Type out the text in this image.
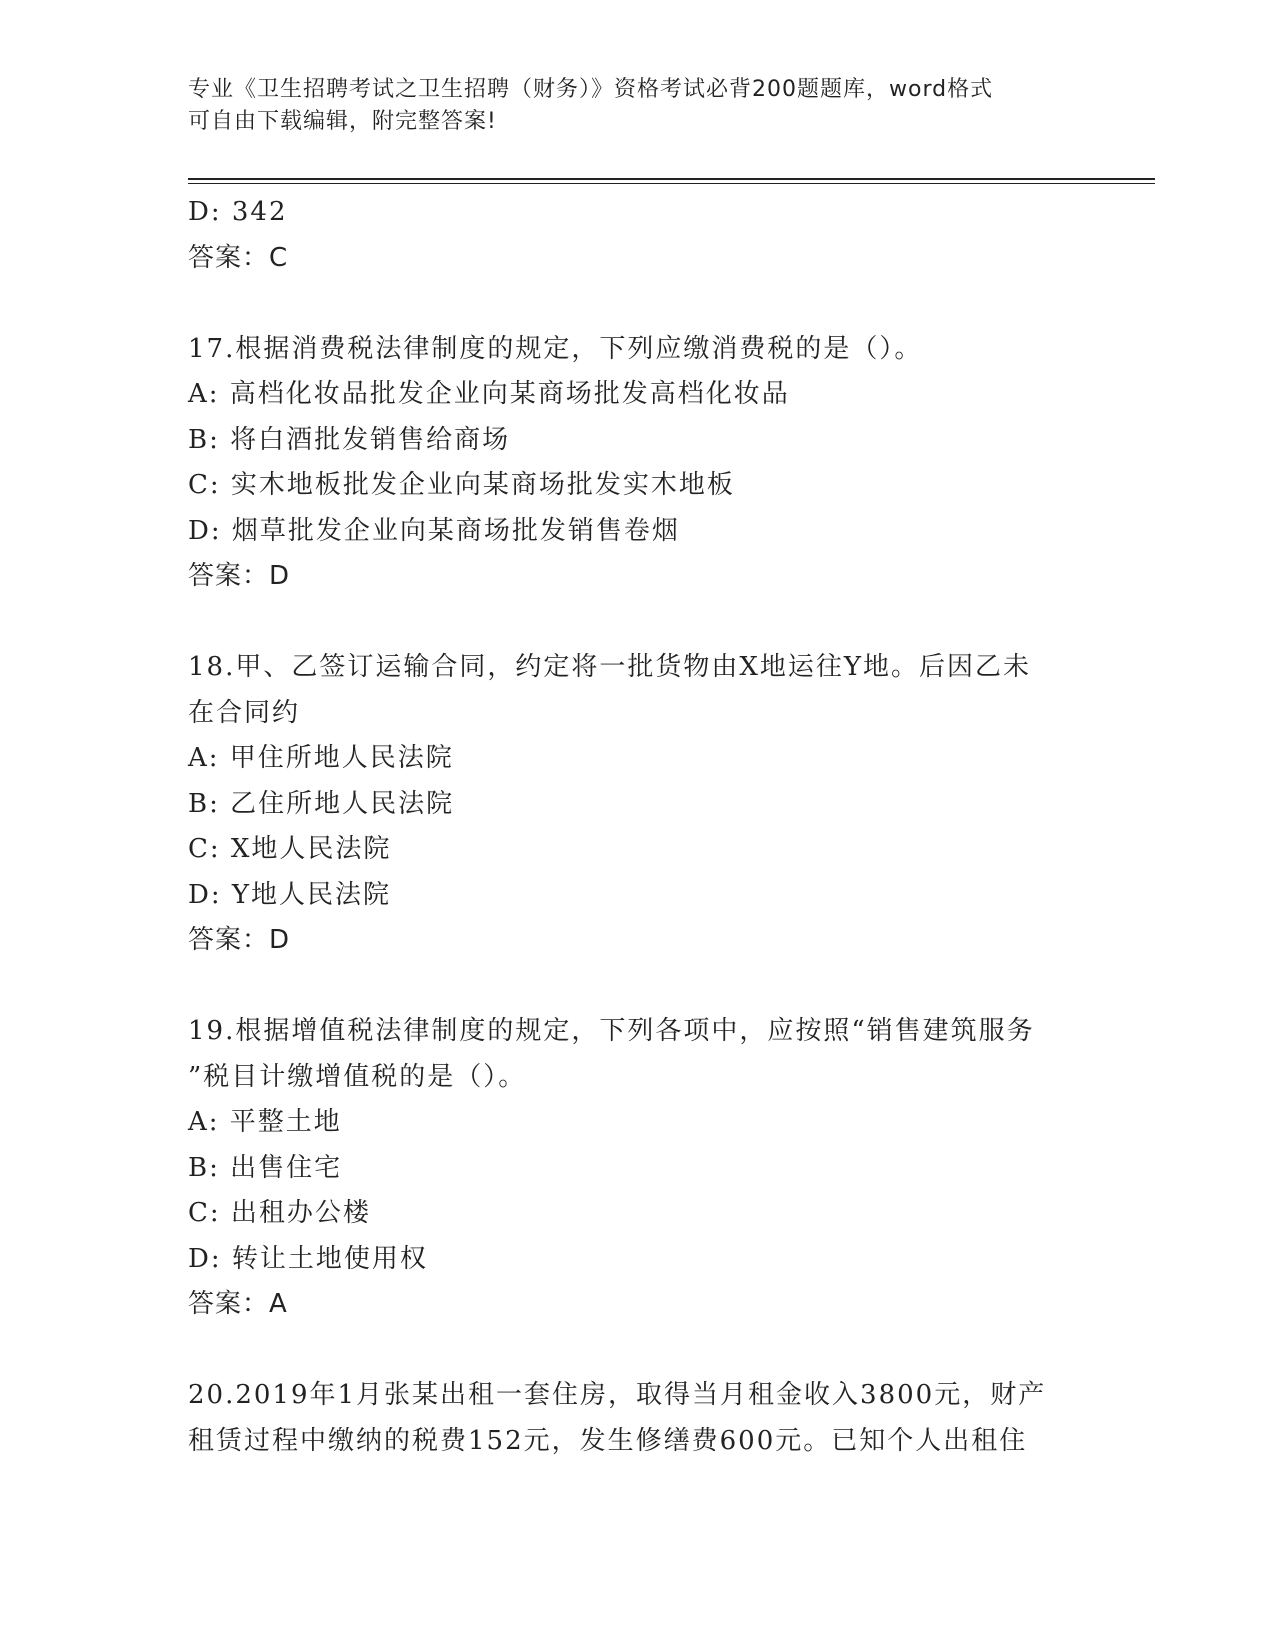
专业《卫生招聘考试之卫生招聘（财务）》资格考试必背200题题库，word格式
可自由下载编辑，附完整答案!
D: 342
答案：C
17.根据消费税法律制度的规定，下列应缴消费税的是（）。
A: 高档化妆品批发企业向某商场批发高档化妆品
B: 将白酒批发销售给商场
C: 实木地板批发企业向某商场批发实木地板
D: 烟草批发企业向某商场批发销售卷烟
答案：D
18.甲、乙签订运输合同，约定将一批货物由X地运往Y地。后因乙未
在合同约
A: 甲住所地人民法院
B: 乙住所地人民法院
C: X地人民法院
D: Y地人民法院
答案：D
19.根据增值税法律制度的规定，下列各项中，应按照“销售建筑服务
”税目计缴增值税的是（）。
A: 平整土地
B: 出售住宅
C: 出租办公楼
D: 转让土地使用权
答案：A
20.2019年1月张某出租一套住房，取得当月租金收入3800元，财产
租赁过程中缴纳的税费152元，发生修缮费600元。已知个人出租住
